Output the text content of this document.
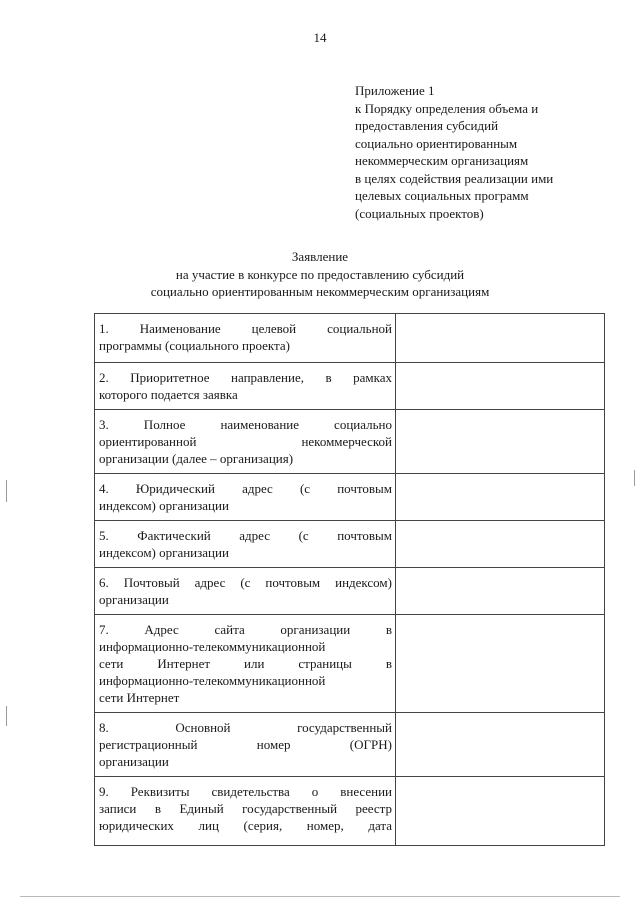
14
Приложение 1
к Порядку определения объема и
предоставления субсидий
социально ориентированным
некоммерческим организациям
в целях содействия реализации ими
целевых социальных программ
(социальных проектов)
Заявление
на участие в конкурсе по предоставлению субсидий
социально ориентированным некоммерческим организациям
1. Наименование целевой социальной
программы (социального проекта)	

2. Приоритетное направление, в рамках
которого подается заявка	

3. Полное наименование социально
ориентированной некоммерческой
организации (далее – организация)	

4. Юридический адрес (с почтовым
индексом) организации	

5. Фактический адрес (с почтовым
индексом) организации	

6. Почтовый адрес (с почтовым индексом)
организации	

7. Адрес сайта организации в
информационно-телекоммуникационной
сети Интернет или страницы в
информационно-телекоммуникационной
сети Интернет	

8. Основной государственный
регистрационный номер (ОГРН)
организации	

9. Реквизиты свидетельства о внесении
записи в Единый государственный реестр
юридических лиц (серия, номер, дата	
